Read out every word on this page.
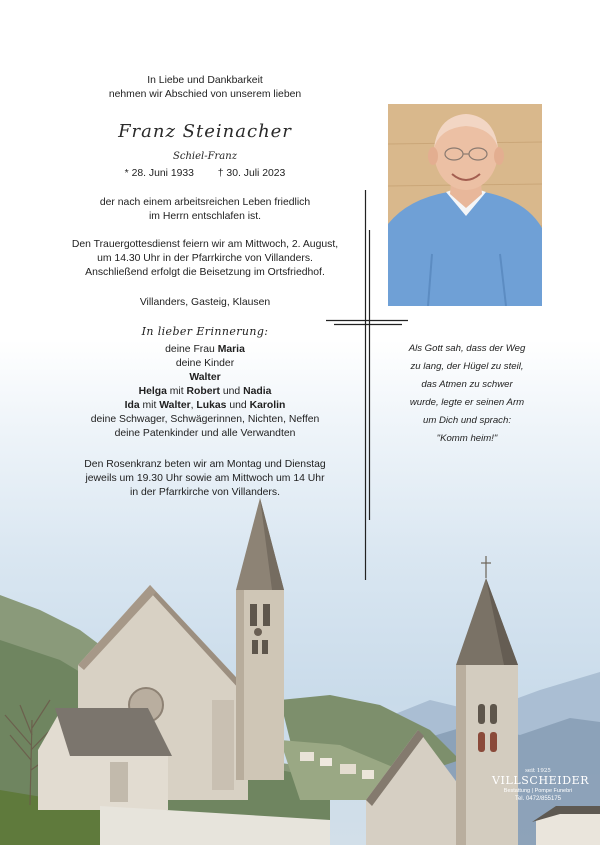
In Liebe und Dankbarkeit
nehmen wir Abschied von unserem lieben
Franz Steinacher
Schiel-Franz
* 28. Juni 1933 † 30. Juli 2023
der nach einem arbeitsreichen Leben friedlich
im Herrn entschlafen ist.
Den Trauergottesdienst feiern wir am Mittwoch, 2. August,
um 14.30 Uhr in der Pfarrkirche von Villanders.
Anschließend erfolgt die Beisetzung im Ortsfriedhof.
Villanders, Gasteig, Klausen
In lieber Erinnerung:
deine Frau Maria
deine Kinder
Walter
Helga mit Robert und Nadia
Ida mit Walter, Lukas und Karolin
deine Schwager, Schwägerinnen, Nichten, Neffen
deine Patenkinder und alle Verwandten
Den Rosenkranz beten wir am Montag und Dienstag
jeweils um 19.30 Uhr sowie am Mittwoch um 14 Uhr
in der Pfarrkirche von Villanders.
Als Gott sah, dass der Weg
zu lang, der Hügel zu steil,
das Atmen zu schwer
wurde, legte er seinen Arm
um Dich und sprach:
"Komm heim!"
seit 1925
VILLSCHEIDER
Bestattung | Pompe Funebri
Tel. 0472/855175
